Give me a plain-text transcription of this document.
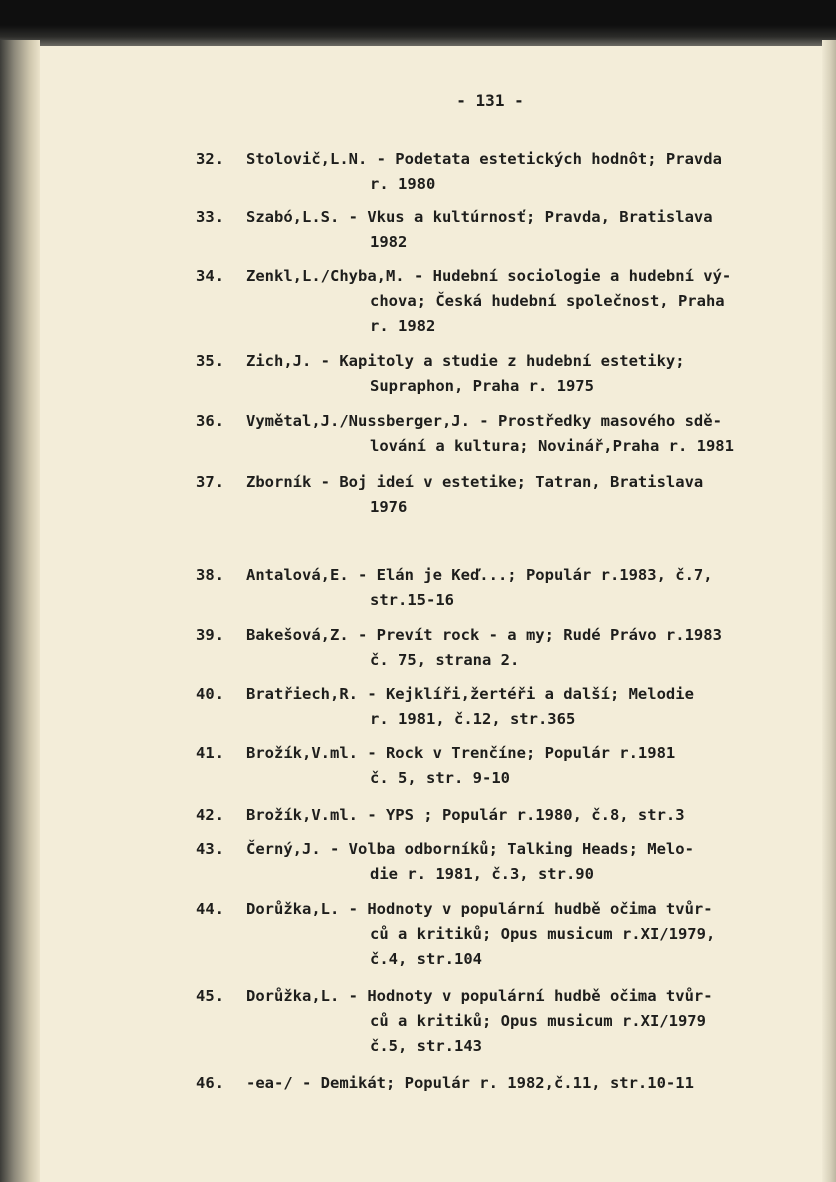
- 131 -
32. Stolovič,L.N. - Podetata estetických hodnôt; Pravda
r. 1980
33. Szabó,L.S. - Vkus a kultúrnosť; Pravda, Bratislava
1982
34. Zenkl,L./Chyba,M. - Hudební sociologie a hudební vý-
chova; Česká hudební společnost, Praha
r. 1982
35. Zich,J. - Kapitoly a studie z hudební estetiky;
Supraphon, Praha r. 1975
36. Vymětal,J./Nussberger,J. - Prostředky masového sdě-
lování a kultura; Novinář,Praha r. 1981
37. Zborník - Boj ideí v estetike; Tatran, Bratislava
1976
38. Antalová,E. - Elán je Keď...; Populár r.1983, č.7,
str.15-16
39. Bakešová,Z. - Prevít rock - a my; Rudé Právo r.1983
č. 75, strana 2.
40. Bratřiech,R. - Kejklíři,žertéři a další; Melodie
r. 1981, č.12, str.365
41. Brožík,V.ml. - Rock v Trenčíne; Populár r.1981
č. 5, str. 9-10
42. Brožík,V.ml. - YPS ; Populár r.1980, č.8, str.3
43. Černý,J. - Volba odborníků; Talking Heads; Melo-
die r. 1981, č.3, str.90
44. Dorůžka,L. - Hodnoty v populární hudbě očima tvůr-
ců a kritiků; Opus musicum r.XI/1979,
č.4, str.104
45. Dorůžka,L. - Hodnoty v populární hudbě očima tvůr-
ců a kritiků; Opus musicum r.XI/1979
č.5, str.143
46. -ea-/ - Demikát; Populár r. 1982,č.11, str.10-11
